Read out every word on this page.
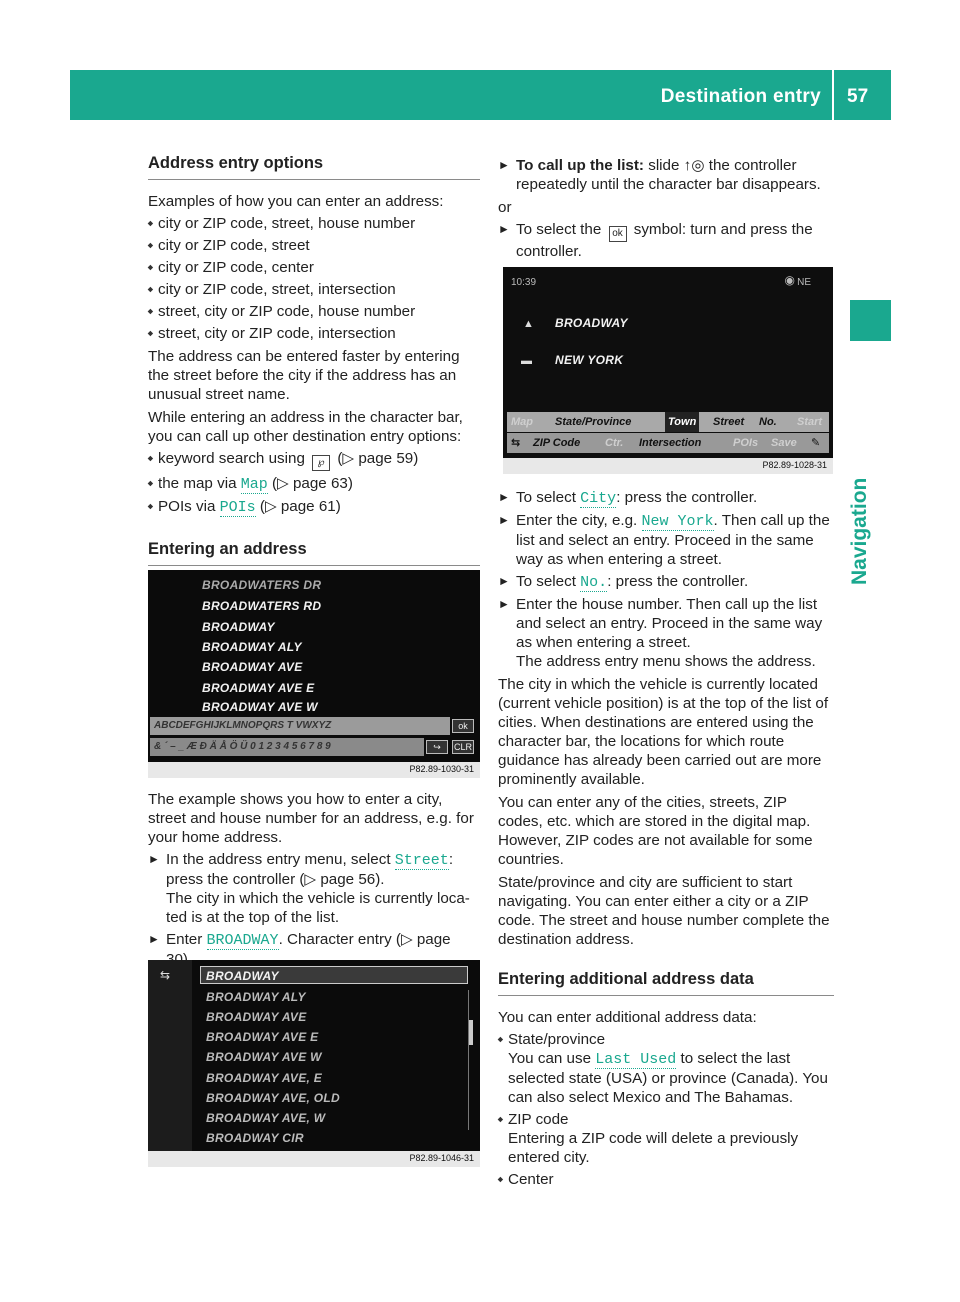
Destination entry 57
Navigation
Address entry options

Examples of how you can enter an address:

■ city or ZIP code, street, house number
■ city or ZIP code, street
■ city or ZIP code, center
■ city or ZIP code, street, intersection
■ street, city or ZIP code, house number
■ street, city or ZIP code, intersection

The address can be entered faster by entering the street before the city if the address has an unusual street name.

While entering an address in the character bar, you can call up other destination entry options:

■ keyword search using ℘ (▷ page 59)
■ the map via Map (▷ page 63)
■ POIs via POIs (▷ page 61)
Entering an address
BROADWATERS DR
BROADWATERS RD
BROADWAY
BROADWAY ALY
BROADWAY AVE
BROADWAY AVE E
BROADWAY AVE W
ABCDEFGHIJKLMNOPQRS T VWXYZ	ok
& ´ – _ Æ Ð Ä Å Ö Ü 0 1 2 3 4 5 6 7 8 9	↪	CLR
P82.89-1030-31

The example shows you how to enter a city, street and house number for an address, e.g. for your home address.

► In the address entry menu, select Street: press the controller (▷ page 56).
The city in which the vehicle is currently loca- ted is at the top of the list.
► Enter BROADWAY. Character entry (▷ page
⇆	BROADWAY
BROADWAY ALY
BROADWAY AVE
BROADWAY AVE E
BROADWAY AVE W
BROADWAY AVE, E
BROADWAY AVE, OLD
BROADWAY AVE, W
BROADWAY CIR
P82.89-1046-31
► To call up the list: slide ↑◎ the controller repeatedly until the character bar disappears.

or

► To select the ok symbol: turn and press the controller.
10:39	NE
◉
▲ BROADWAY
▬ NEW YORK
Map State/Province	Town Street No. Start
⇆ ZIP Code Ctr. Intersection	POIs Save ✎
P82.89-1028-31
► To select City: press the controller.
► Enter the city, e.g. New York. Then call up the list and select an entry. Proceed in the same way as when entering a street.
► To select No.: press the controller.
► Enter the house number. Then call up the list and select an entry. Proceed in the same way as when entering a street.
The address entry menu shows the address.

The city in which the vehicle is currently located (current vehicle position) is at the top of the list of cities. When destinations are entered using the character bar, the locations for which route guidance has already been carried out are more prominently available.

You can enter any of the cities, streets, ZIP codes, etc. which are stored in the digital map. However, ZIP codes are not available for some countries.

State/province and city are sufficient to start navigating. You can enter either a city or a ZIP code. The street and house number complete the destination address.

Entering additional address data

You can enter additional address data:

■ State/province
You can use Last Used to select the last selected state (USA) or province (Canada). You can also select Mexico and The Bahamas.
■ ZIP code
Entering a ZIP code will delete a previously entered city.
■ Center
